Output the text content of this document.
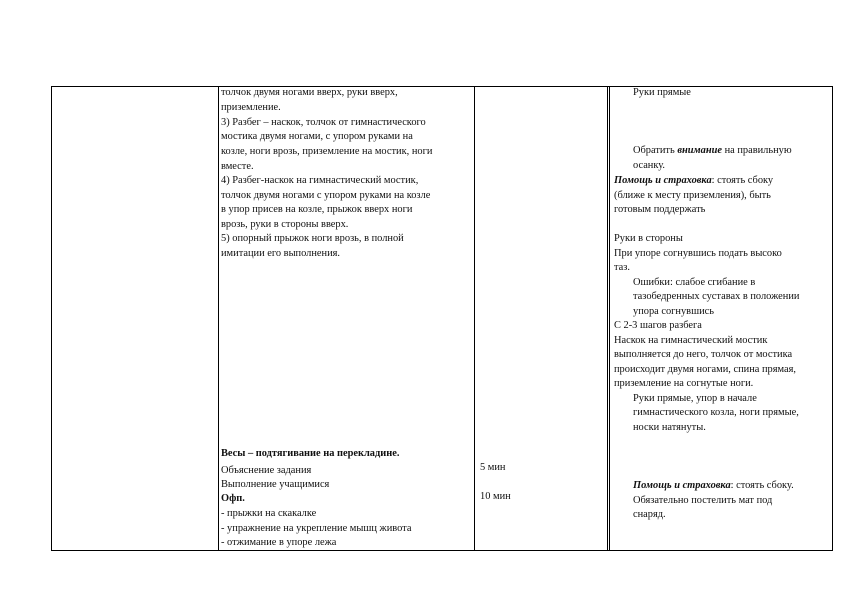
толчок двумя ногами вверх, руки вверх,
приземление.
3) Разбег – наскок, толчок от гимнастического
мостика двумя ногами, с упором руками на
козле, ноги врозь, приземление на мостик, ноги
вместе.
4) Разбег-наскок на гимнастический мостик,
толчок двумя ногами с упором руками на козле
в упор присев на козле, прыжок вверх ноги
врозь, руки в стороны вверх.
5) опорный прыжок ноги врозь, в полной
имитации его выполнения.
Весы – подтягивание на перекладине.
Объяснение задания
Выполнение учащимися
Офп.
- прыжки на скакалке
- упражнение на укрепление мышц живота
- отжимание в упоре лежа
5 мин
10 мин
Руки прямые
Обратить внимание на правильную
осанку.
Помощь и страховка: стоять сбоку
(ближе к месту приземления), быть
готовым поддержать
Руки в стороны
При упоре согнувшись подать высоко
таз.
Ошибки: слабое сгибание в
тазобедренных суставах в положении
упора согнувшись
С 2-3 шагов разбега
Наскок на гимнастический мостик
выполняется до него, толчок от мостика
происходит двумя ногами, спина прямая,
приземление на согнутые ноги.
Руки прямые, упор в начале
гимнастического козла, ноги прямые,
носки натянуты.
Помощь и страховка: стоять сбоку.
Обязательно постелить мат под
снаряд.
